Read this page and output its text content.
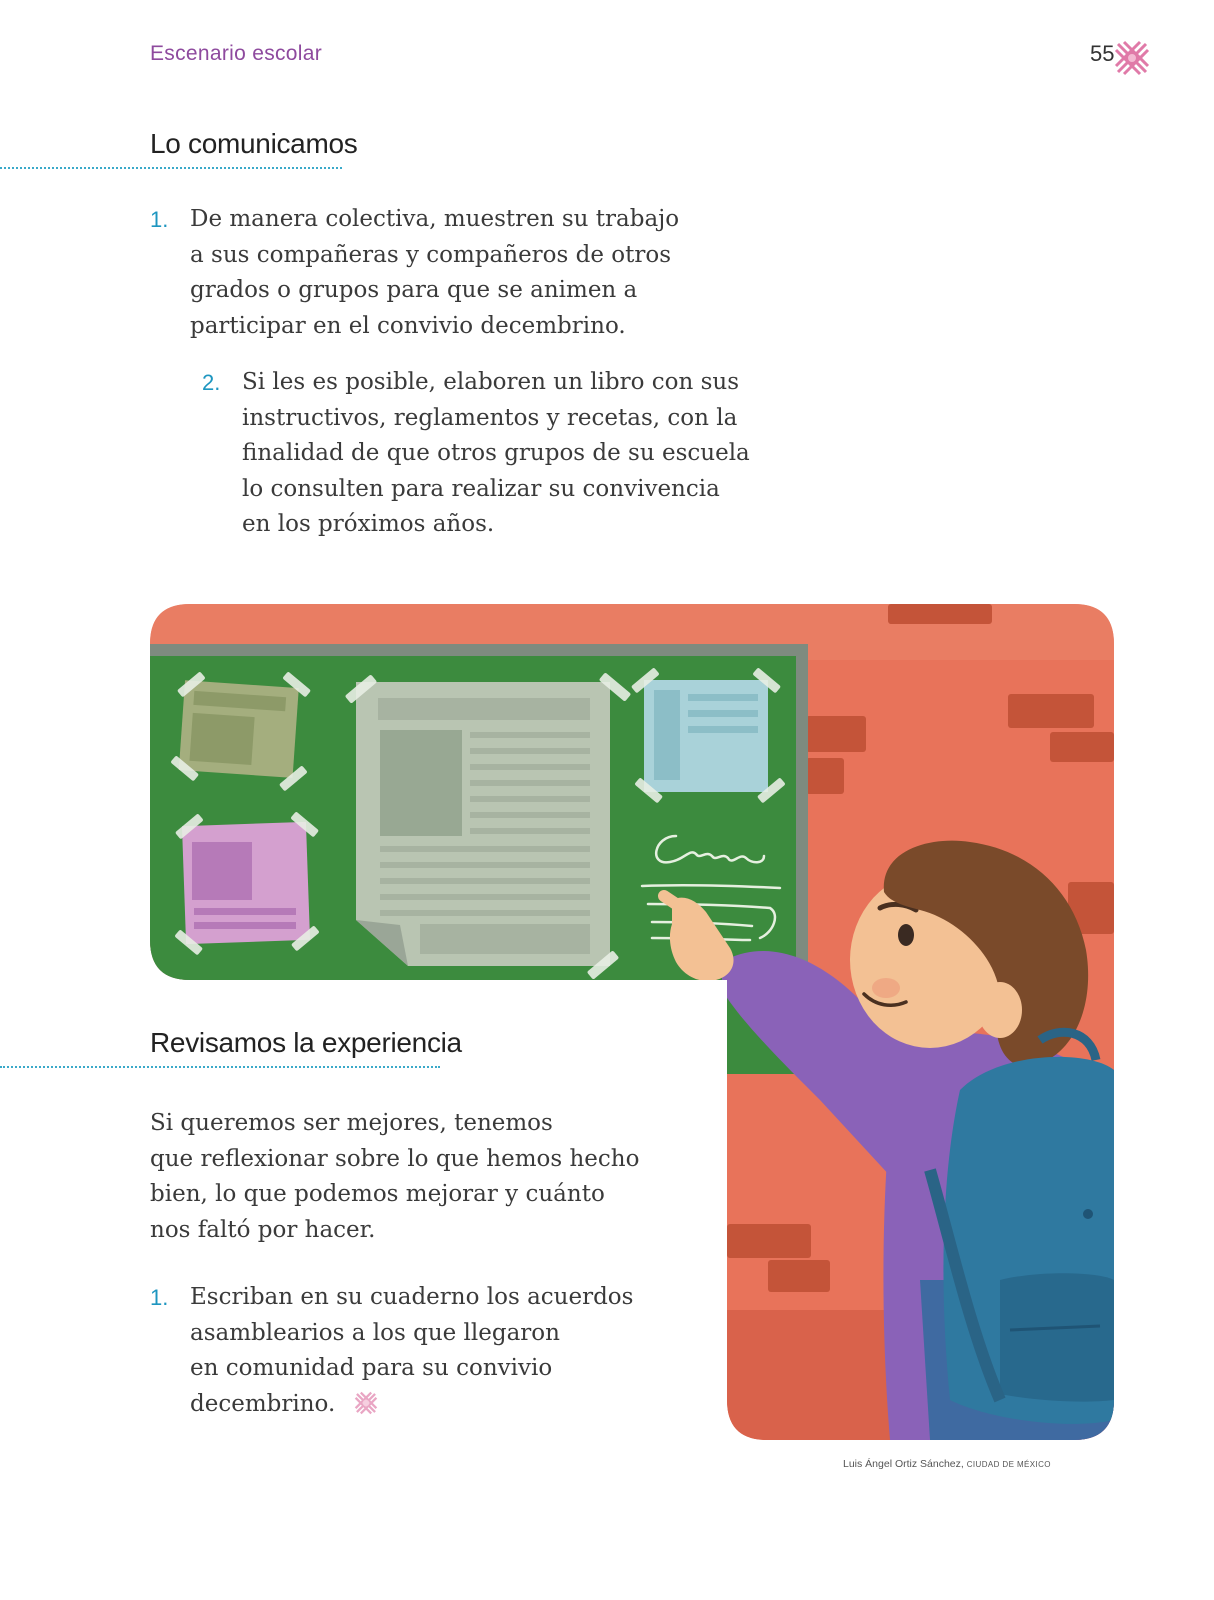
Escenario escolar	55
Lo comunicamos
1. De manera colectiva, muestren su trabajo
a sus compañeras y compañeros de otros
grados o grupos para que se animen a
participar en el convivio decembrino.
2. Si les es posible, elaboren un libro con sus
instructivos, reglamentos y recetas, con la
finalidad de que otros grupos de su escuela
lo consulten para realizar su convivencia
en los próximos años.
Revisamos la experiencia
Si queremos ser mejores, tenemos
que reflexionar sobre lo que hemos hecho
bien, lo que podemos mejorar y cuánto
nos faltó por hacer.
1. Escriban en su cuaderno los acuerdos
asamblearios a los que llegaron
en comunidad para su convivio
decembrino.
Luis Ángel Ortiz Sánchez, CIUDAD DE MÉXICO
